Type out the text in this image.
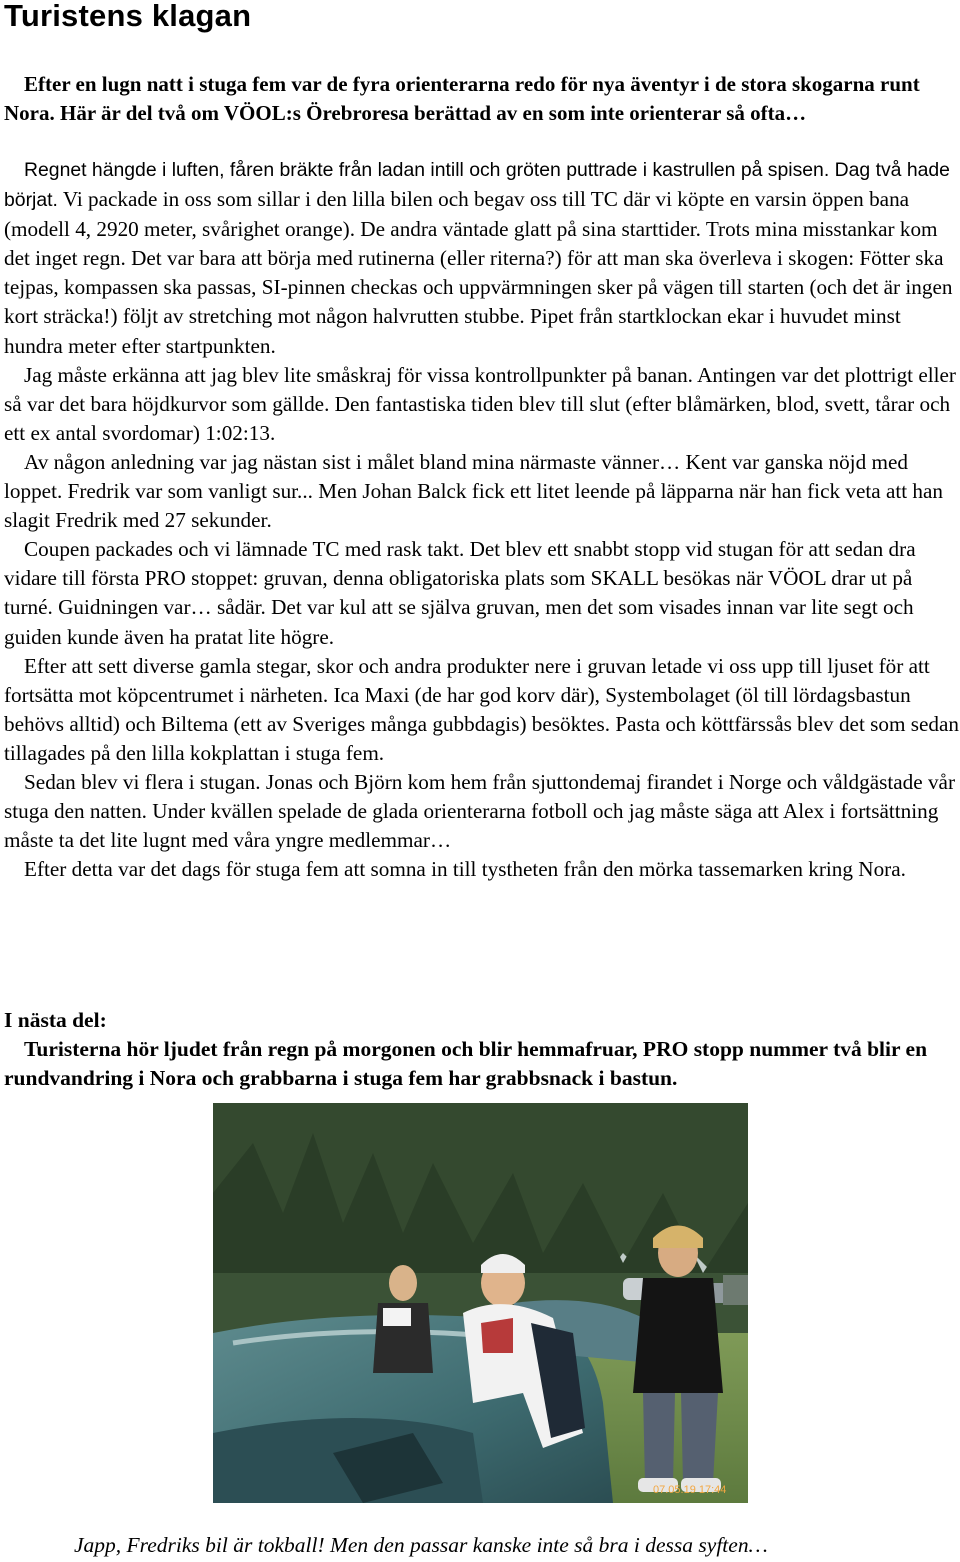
Turistens klagan

Efter en lugn natt i stuga fem var de fyra orienterarna redo för nya äventyr i de stora skogarna runt Nora. Här är del två om VÖOL:s Örebroresa berättad av en som inte orienterar så ofta…

Regnet hängde i luften, fåren bräkte från ladan intill och gröten puttrade i kastrullen på spisen. Dag två hade börjat. Vi packade in oss som sillar i den lilla bilen och begav oss till TC där vi köpte en varsin öppen bana (modell 4, 2920 meter, svårighet orange). De andra väntade glatt på sina starttider. Trots mina misstankar kom det inget regn. Det var bara att börja med rutinerna (eller riterna?) för att man ska överleva i skogen: Fötter ska tejpas, kompassen ska passas, SI-pinnen checkas och uppvärmningen sker på vägen till starten (och det är ingen kort sträcka!) följt av stretching mot någon halvrutten stubbe. Pipet från startklockan ekar i huvudet minst hundra meter efter startpunkten.

Jag måste erkänna att jag blev lite småskraj för vissa kontrollpunkter på banan. Antingen var det plottrigt eller så var det bara höjdkurvor som gällde. Den fantastiska tiden blev till slut (efter blåmärken, blod, svett, tårar och ett ex antal svordomar) 1:02:13.

Av någon anledning var jag nästan sist i målet bland mina närmaste vänner… Kent var ganska nöjd med loppet. Fredrik var som vanligt sur... Men Johan Balck fick ett litet leende på läpparna när han fick veta att han slagit Fredrik med 27 sekunder.

Coupen packades och vi lämnade TC med rask takt. Det blev ett snabbt stopp vid stugan för att sedan dra vidare till första PRO stoppet: gruvan, denna obligatoriska plats som SKALL besökas när VÖOL drar ut på turné. Guidningen var… sådär. Det var kul att se själva gruvan, men det som visades innan var lite segt och guiden kunde även ha pratat lite högre.

Efter att sett diverse gamla stegar, skor och andra produkter nere i gruvan letade vi oss upp till ljuset för att fortsätta mot köpcentrumet i närheten. Ica Maxi (de har god korv där), Systembolaget (öl till lördagsbastun behövs alltid) och Biltema (ett av Sveriges många gubbdagis) besöktes. Pasta och köttfärssås blev det som sedan tillagades på den lilla kokplattan i stuga fem.

Sedan blev vi flera i stugan. Jonas och Björn kom hem från sjuttondemaj firandet i Norge och våldgästade vår stuga den natten. Under kvällen spelade de glada orienterarna fotboll och jag måste säga att Alex i fortsättning måste ta det lite lugnt med våra yngre medlemmar…

Efter detta var det dags för stuga fem att somna in till tystheten från den mörka tassemarken kring Nora.

I nästa del:

Turisterna hör ljudet från regn på morgonen och blir hemmafruar, PRO stopp nummer två blir en rundvandring i Nora och grabbarna i stuga fem har grabbsnack i bastun.

07.05.19 17:44

Japp, Fredriks bil är tokball! Men den passar kanske inte så bra i dessa syften…
